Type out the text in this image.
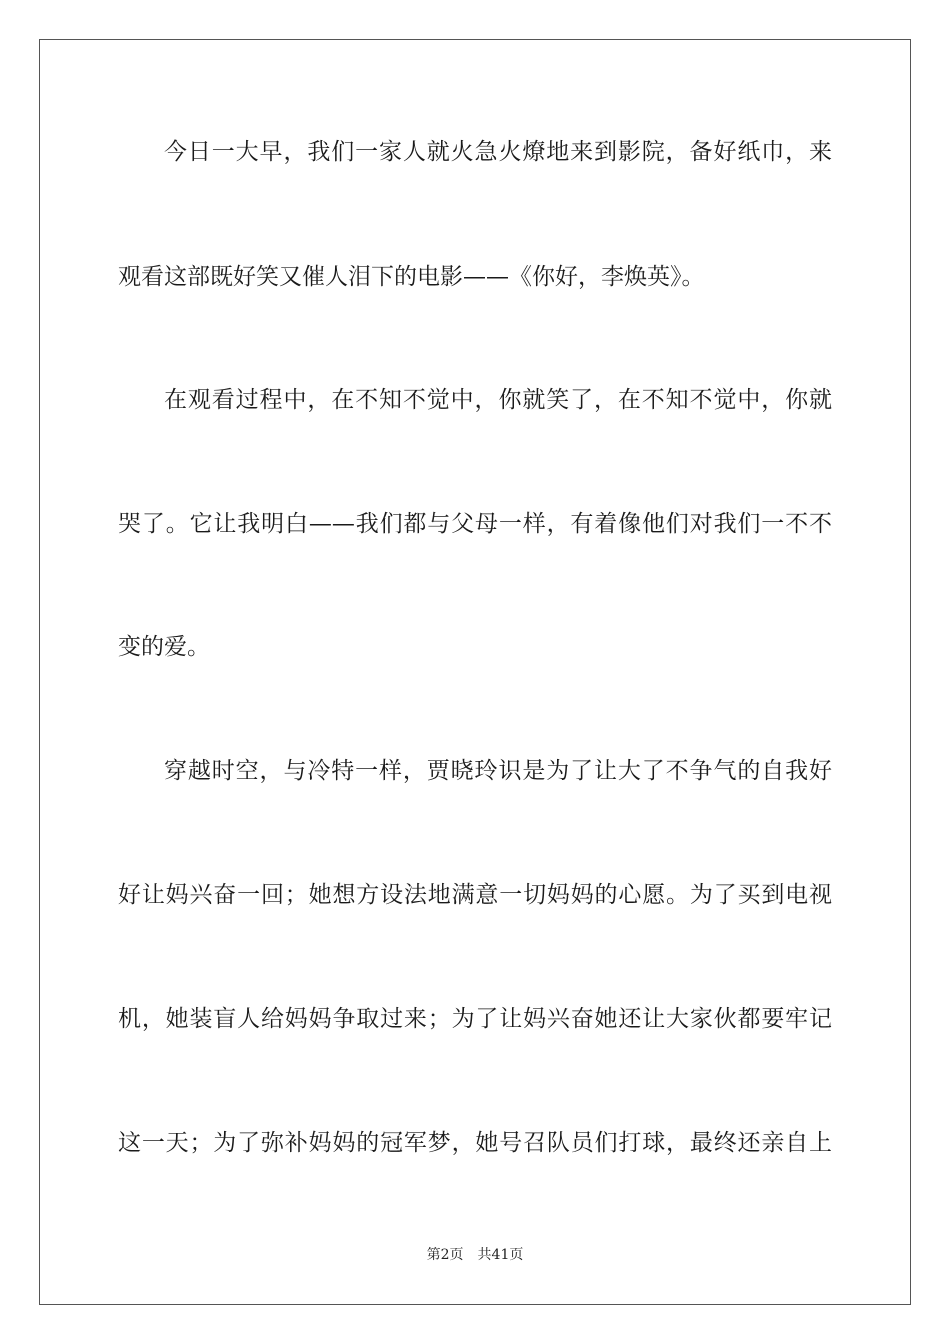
今日一大早，我们一家人就火急火燎地来到影院，备好纸巾，来
观看这部既好笑又催人泪下的电影——《你好，李焕英》。
在观看过程中，在不知不觉中，你就笑了，在不知不觉中，你就
哭了。它让我明白——我们都与父母一样，有着像他们对我们一不不
变的爱。
穿越时空，与冷特一样，贾晓玲识是为了让大了不争气的自我好
好让妈兴奋一回；她想方设法地满意一切妈妈的心愿。为了买到电视
机，她装盲人给妈妈争取过来；为了让妈兴奋她还让大家伙都要牢记
这一天；为了弥补妈妈的冠军梦，她号召队员们打球，最终还亲自上
第2页 共41页
